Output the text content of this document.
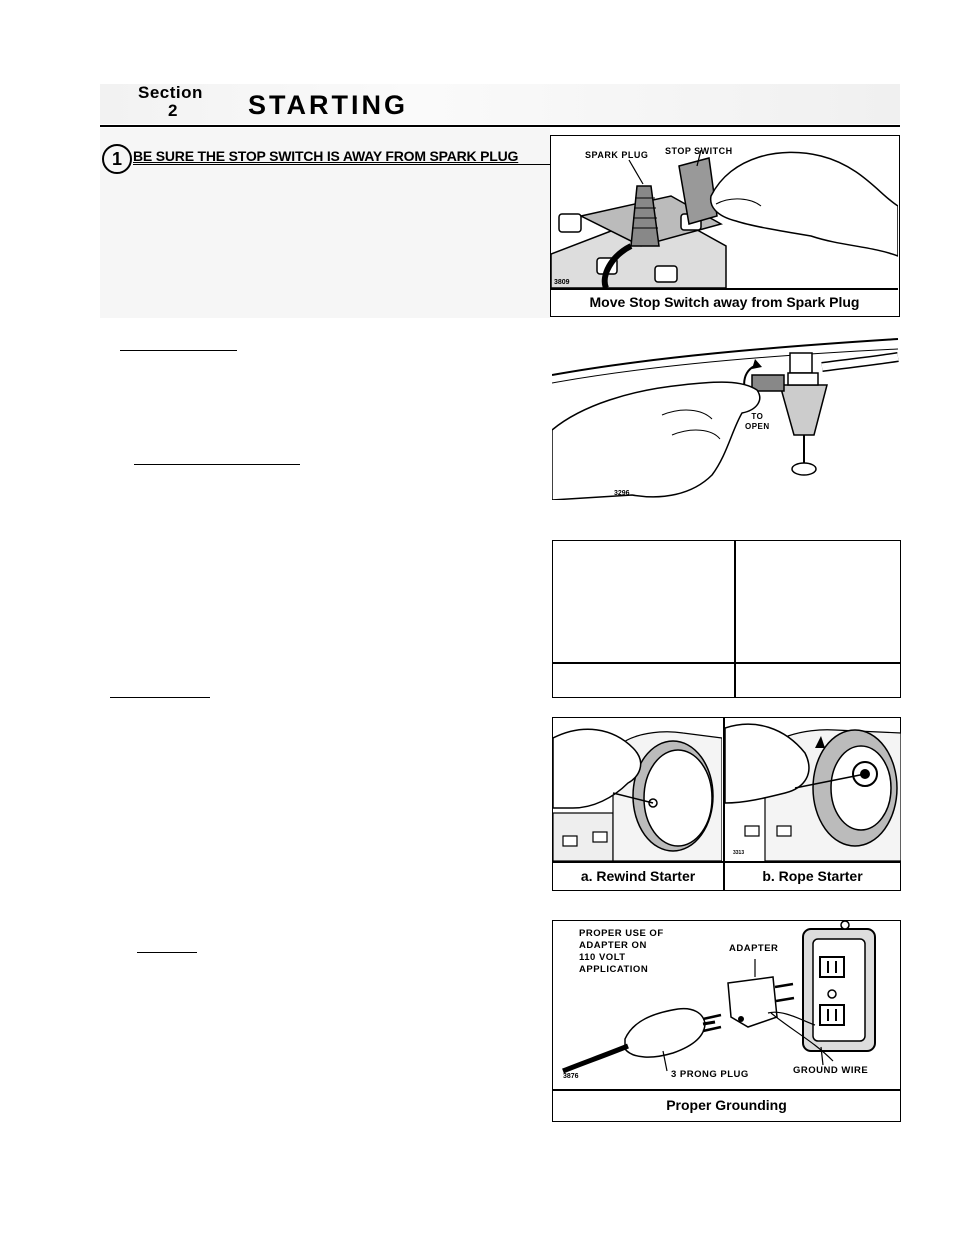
Section
2	STARTING
1 BE SURE THE STOP SWITCH IS AWAY FROM SPARK PLUG	SPARK PLUG STOP SWITCH
3809
Move Stop Switch away from Spark Plug
TO
OPEN
3296
3313
a. Rewind Starter	b. Rope Starter
PROPER USE OF
ADAPTER ON
110 VOLT
APPLICATION
ADAPTER
GROUND WIRE
3 PRONG PLUG
3876
Proper Grounding
